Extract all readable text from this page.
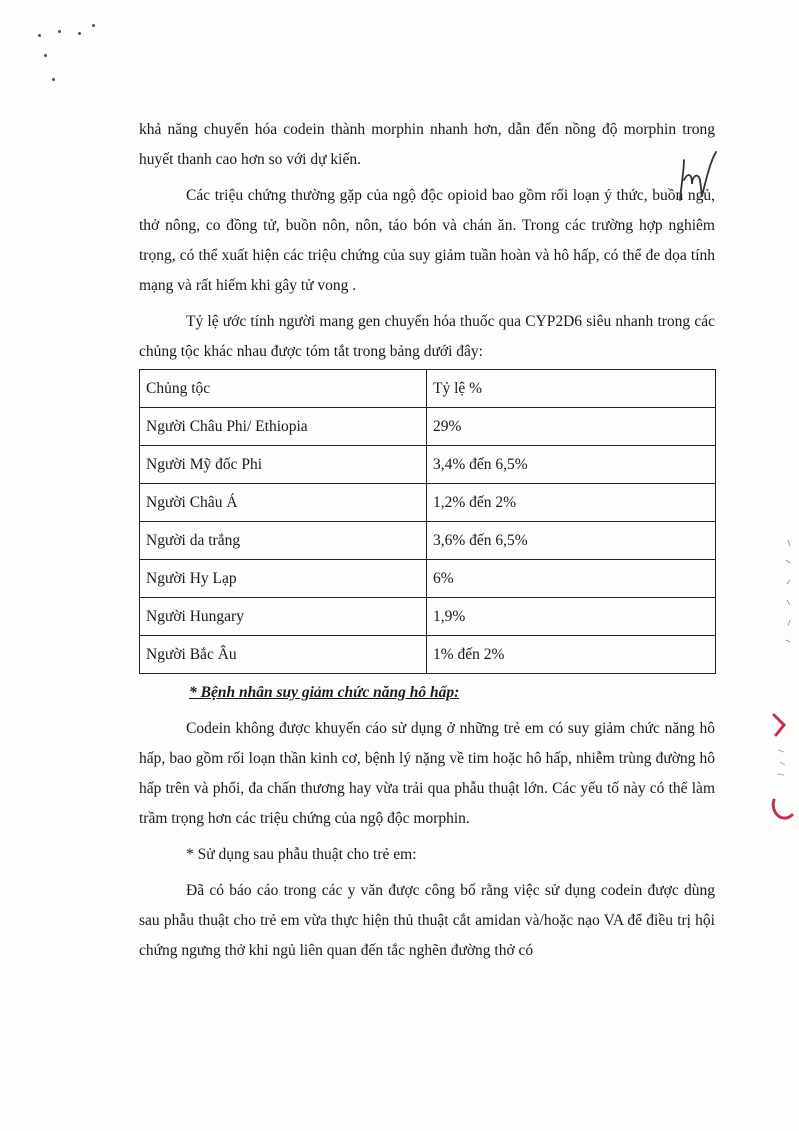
khả năng chuyển hóa codein thành morphin nhanh hơn, dẫn đến nồng độ morphin trong huyết thanh cao hơn so với dự kiến.

Các triệu chứng thường gặp của ngộ độc opioid bao gồm rối loạn ý thức, buồn ngủ, thở nông, co đồng tử, buồn nôn, nôn, táo bón và chán ăn. Trong các trường hợp nghiêm trọng, có thể xuất hiện các triệu chứng của suy giảm tuần hoàn và hô hấp, có thể đe dọa tính mạng và rất hiếm khi gây tử vong .

Tỷ lệ ước tính người mang gen chuyển hóa thuốc qua CYP2D6 siêu nhanh trong các chủng tộc khác nhau được tóm tắt trong bảng dưới đây:

Chủng tộc	Tỷ lệ %
Người Châu Phi/ Ethiopia	29%
Người Mỹ đốc Phi	3,4% đến 6,5%
Người Châu Á	1,2% đến 2%
Người da trắng	3,6% đến 6,5%
Người Hy Lạp	6%
Người Hungary	1,9%
Người Bắc Âu	1% đến 2%

* Bệnh nhân suy giảm chức năng hô hấp:

Codein không được khuyến cáo sử dụng ở những trẻ em có suy giảm chức năng hô hấp, bao gồm rối loạn thần kinh cơ, bệnh lý nặng về tim hoặc hô hấp, nhiễm trùng đường hô hấp trên và phổi, đa chấn thương hay vừa trải qua phẫu thuật lớn. Các yếu tố này có thể làm trầm trọng hơn các triệu chứng của ngộ độc morphin.

* Sử dụng sau phẫu thuật cho trẻ em:

Đã có báo cáo trong các y văn được công bố rằng việc sử dụng codein được dùng sau phẫu thuật cho trẻ em vừa thực hiện thủ thuật cắt amidan và/hoặc nạo VA để điều trị hội chứng ngưng thở khi ngủ liên quan đến tắc nghẽn đường thở có
